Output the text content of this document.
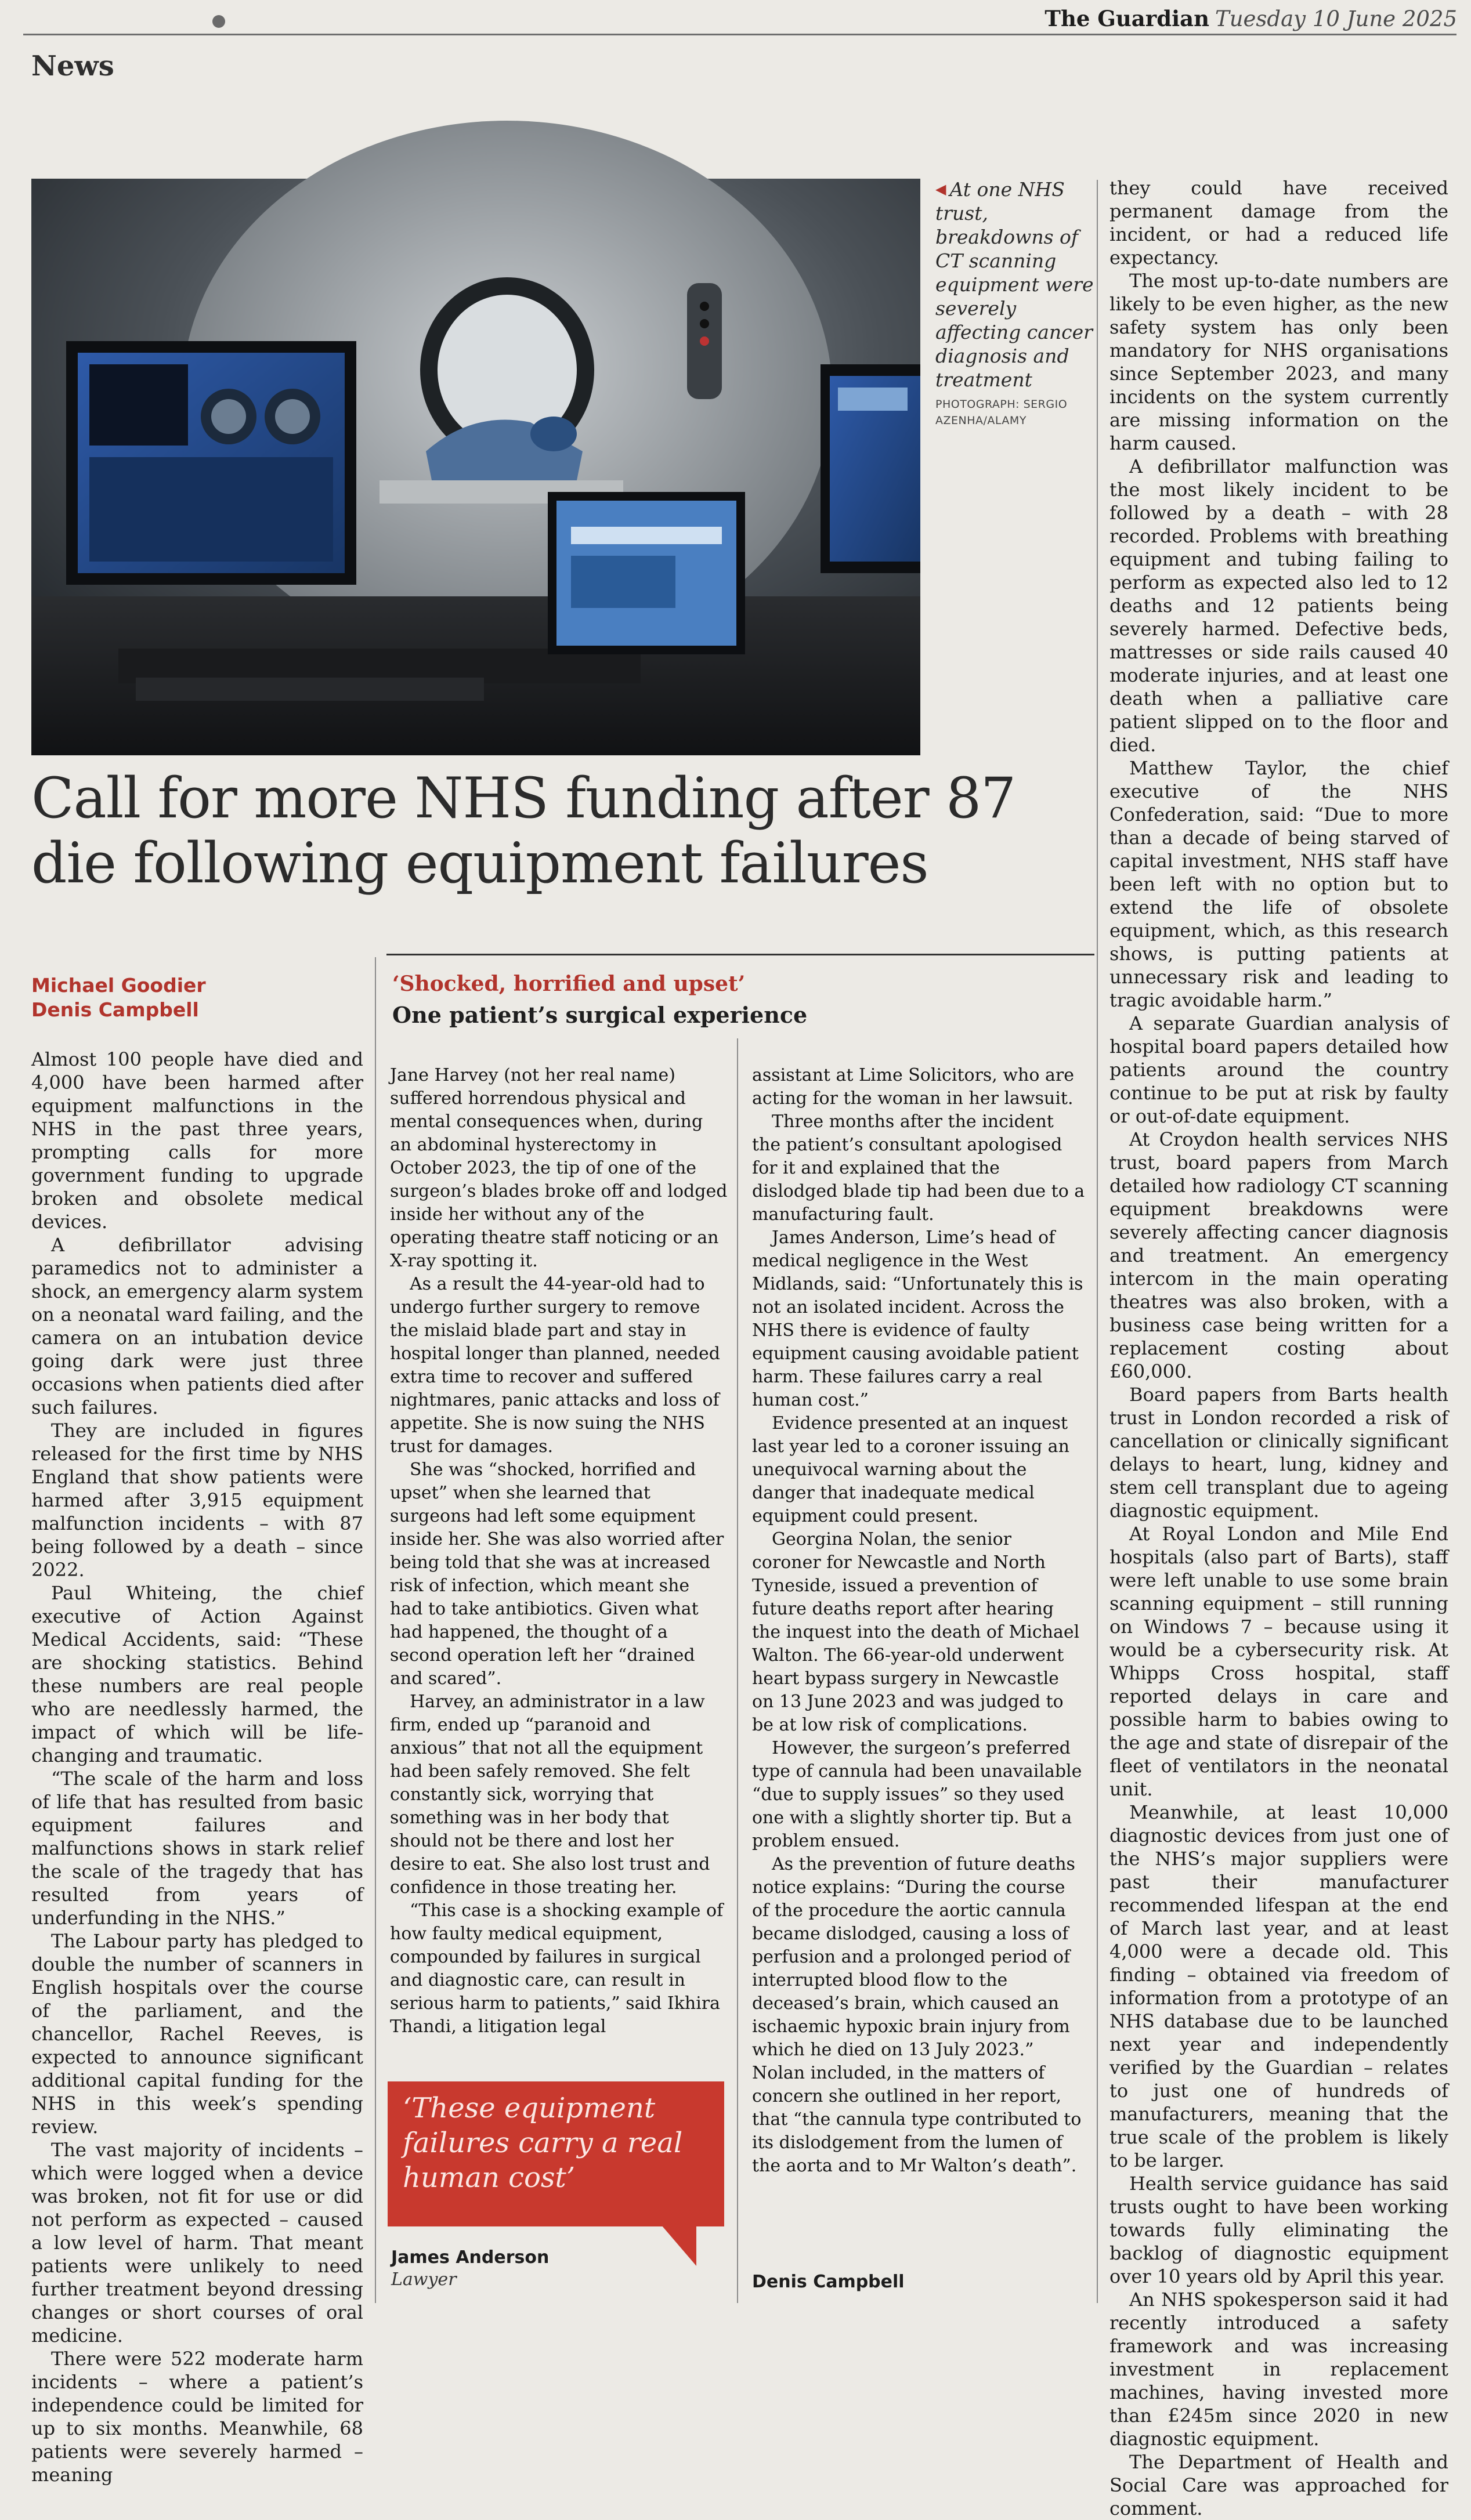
The Guardian Tuesday 10 June 2025
News
◀ At one NHS trust, breakdowns of CT scanning equipment were severely affecting cancer diagnosis and treatment
PHOTOGRAPH: SERGIO AZENHA/ALAMY
Call for more NHS funding after 87 die following equipment failures
Michael Goodier
Denis Campbell
‘Shocked, horrified and upset’
One patient’s surgical experience

Almost 100 people have died and 4,000 have been harmed after equipment malfunctions in the NHS in the past three years, prompting calls for more government funding to upgrade broken and obsolete medical devices.

A defibrillator advising paramedics not to administer a shock, an emergency alarm system on a neonatal ward failing, and the camera on an intubation device going dark were just three occasions when patients died after such failures.

They are included in figures released for the first time by NHS England that show patients were harmed after 3,915 equipment malfunction incidents – with 87 being followed by a death – since 2022.

Paul Whiteing, the chief executive of Action Against Medical Accidents, said: “These are shocking statistics. Behind these numbers are real people who are needlessly harmed, the impact of which will be life-changing and traumatic.

“The scale of the harm and loss of life that has resulted from basic equipment failures and malfunctions shows in stark relief the scale of the tragedy that has resulted from years of underfunding in the NHS.”

The Labour party has pledged to double the number of scanners in English hospitals over the course of the parliament, and the chancellor, Rachel Reeves, is expected to announce significant additional capital funding for the NHS in this week’s spending review.

The vast majority of incidents – which were logged when a device was broken, not fit for use or did not perform as expected – caused a low level of harm. That meant patients were unlikely to need further treatment beyond dressing changes or short courses of oral medicine.

There were 522 moderate harm incidents – where a patient’s independence could be limited for up to six months. Meanwhile, 68 patients were severely harmed – meaning

Jane Harvey (not her real name) suffered horrendous physical and mental consequences when, during an abdominal hysterectomy in October 2023, the tip of one of the surgeon’s blades broke off and lodged inside her without any of the operating theatre staff noticing or an X-ray spotting it.

As a result the 44-year-old had to undergo further surgery to remove the mislaid blade part and stay in hospital longer than planned, needed extra time to recover and suffered nightmares, panic attacks and loss of appetite. She is now suing the NHS trust for damages.

She was “shocked, horrified and upset” when she learned that surgeons had left some equipment inside her. She was also worried after being told that she was at increased risk of infection, which meant she had to take antibiotics. Given what had happened, the thought of a second operation left her “drained and scared”.

Harvey, an administrator in a law firm, ended up “paranoid and anxious” that not all the equipment had been safely removed. She felt constantly sick, worrying that something was in her body that should not be there and lost her desire to eat. She also lost trust and confidence in those treating her.

“This case is a shocking example of how faulty medical equipment, compounded by failures in surgical and diagnostic care, can result in serious harm to patients,” said Ikhira Thandi, a litigation legal

‘These equipment failures carry a real human cost’
James Anderson
Lawyer

assistant at Lime Solicitors, who are acting for the woman in her lawsuit.

Three months after the incident the patient’s consultant apologised for it and explained that the dislodged blade tip had been due to a manufacturing fault.

James Anderson, Lime’s head of medical negligence in the West Midlands, said: “Unfortunately this is not an isolated incident. Across the NHS there is evidence of faulty equipment causing avoidable patient harm. These failures carry a real human cost.”

Evidence presented at an inquest last year led to a coroner issuing an unequivocal warning about the danger that inadequate medical equipment could present.

Georgina Nolan, the senior coroner for Newcastle and North Tyneside, issued a prevention of future deaths report after hearing the inquest into the death of Michael Walton. The 66-year-old underwent heart bypass surgery in Newcastle on 13 June 2023 and was judged to be at low risk of complications.

However, the surgeon’s preferred type of cannula had been unavailable “due to supply issues” so they used one with a slightly shorter tip. But a problem ensued.

As the prevention of future deaths notice explains: “During the course of the procedure the aortic cannula became dislodged, causing a loss of perfusion and a prolonged period of interrupted blood flow to the deceased’s brain, which caused an ischaemic hypoxic brain injury from which he died on 13 July 2023.” Nolan included, in the matters of concern she outlined in her report, that “the cannula type contributed to its dislodgement from the lumen of the aorta and to Mr Walton’s death”.

Denis Campbell

they could have received permanent damage from the incident, or had a reduced life expectancy.

The most up-to-date numbers are likely to be even higher, as the new safety system has only been mandatory for NHS organisations since September 2023, and many incidents on the system currently are missing information on the harm caused.

A defibrillator malfunction was the most likely incident to be followed by a death – with 28 recorded. Problems with breathing equipment and tubing failing to perform as expected also led to 12 deaths and 12 patients being severely harmed. Defective beds, mattresses or side rails caused 40 moderate injuries, and at least one death when a palliative care patient slipped on to the floor and died.

Matthew Taylor, the chief executive of the NHS Confederation, said: “Due to more than a decade of being starved of capital investment, NHS staff have been left with no option but to extend the life of obsolete equipment, which, as this research shows, is putting patients at unnecessary risk and leading to tragic avoidable harm.”

A separate Guardian analysis of hospital board papers detailed how patients around the country continue to be put at risk by faulty or out-of-date equipment.

At Croydon health services NHS trust, board papers from March detailed how radiology CT scanning equipment breakdowns were severely affecting cancer diagnosis and treatment. An emergency intercom in the main operating theatres was also broken, with a business case being written for a replacement costing about £60,000.

Board papers from Barts health trust in London recorded a risk of cancellation or clinically significant delays to heart, lung, kidney and stem cell transplant due to ageing diagnostic equipment.

At Royal London and Mile End hospitals (also part of Barts), staff were left unable to use some brain scanning equipment – still running on Windows 7 – because using it would be a cybersecurity risk. At Whipps Cross hospital, staff reported delays in care and possible harm to babies owing to the age and state of disrepair of the fleet of ventilators in the neonatal unit.

Meanwhile, at least 10,000 diagnostic devices from just one of the NHS’s major suppliers were past their manufacturer recommended lifespan at the end of March last year, and at least 4,000 were a decade old. This finding – obtained via freedom of information from a prototype of an NHS database due to be launched next year and independently verified by the Guardian – relates to just one of hundreds of manufacturers, meaning that the true scale of the problem is likely to be larger.

Health service guidance has said trusts ought to have been working towards fully eliminating the backlog of diagnostic equipment over 10 years old by April this year.

An NHS spokesperson said it had recently introduced a safety framework and was increasing investment in replacement machines, having invested more than £245m since 2020 in new diagnostic equipment.

The Department of Health and Social Care was approached for comment.
